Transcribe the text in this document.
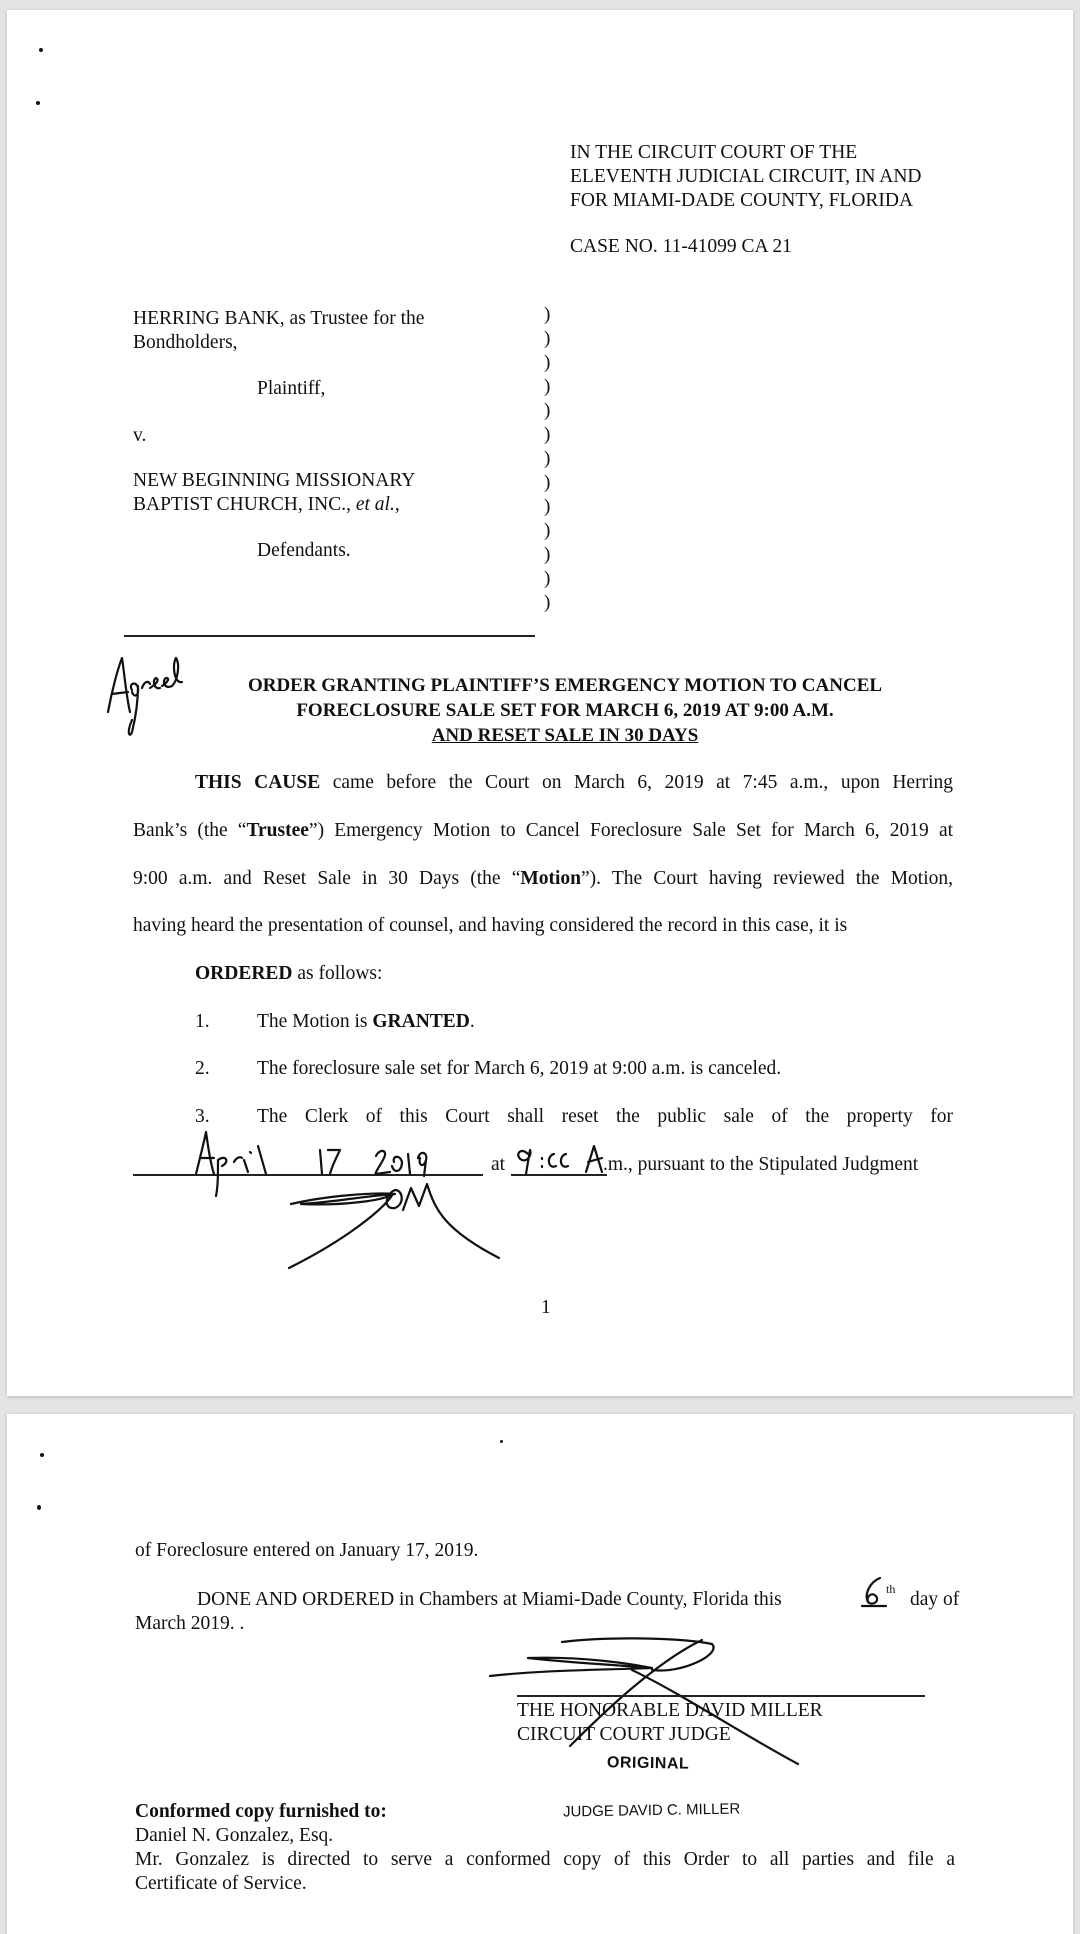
IN THE CIRCUIT COURT OF THE
ELEVENTH JUDICIAL CIRCUIT, IN AND
FOR MIAMI-DADE COUNTY, FLORIDA
CASE NO. 11-41099 CA 21
HERRING BANK, as Trustee for the
Bondholders,
Plaintiff,
v.
NEW BEGINNING MISSIONARY
BAPTIST CHURCH, INC., et al.,
Defendants.
)
)
)
)
)
)
)
)
)
)
)
)
)
ORDER GRANTING PLAINTIFF’S EMERGENCY MOTION TO CANCEL
FORECLOSURE SALE SET FOR MARCH 6, 2019 AT 9:00 A.M.
AND RESET SALE IN 30 DAYS
THIS CAUSE came before the Court on March 6, 2019 at 7:45 a.m., upon Herring
Bank’s (the “Trustee”) Emergency Motion to Cancel Foreclosure Sale Set for March 6, 2019 at
9:00 a.m. and Reset Sale in 30 Days (the “Motion”). The Court having reviewed the Motion,
having heard the presentation of counsel, and having considered the record in this case, it is
ORDERED as follows:
1. The Motion is GRANTED.
2. The foreclosure sale set for March 6, 2019 at 9:00 a.m. is canceled.
3. The Clerk of this Court shall reset the public sale of the property for
at	.m., pursuant to the Stipulated Judgment
1
of Foreclosure entered on January 17, 2019.
DONE AND ORDERED in Chambers at Miami-Dade County, Florida this	th day of
March 2019. .
THE HONORABLE DAVID MILLER
CIRCUIT COURT JUDGE
ORIGINAL
Conformed copy furnished to:	JUDGE DAVID C. MILLER
Daniel N. Gonzalez, Esq.
Mr. Gonzalez is directed to serve a conformed copy of this Order to all parties and file a
Certificate of Service.
